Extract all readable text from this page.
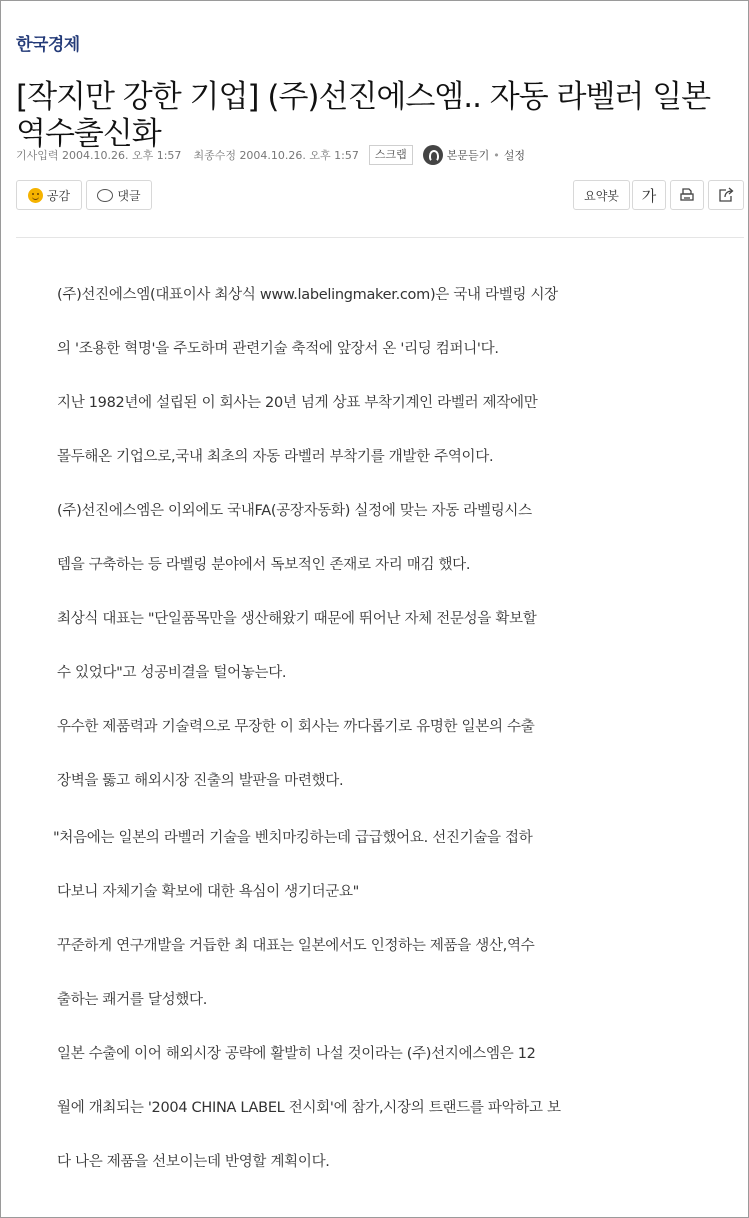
한국경제
[작지만 강한 기업] (주)선진에스엠.. 자동 라벨러 일본 역수출신화
기사입력 2004.10.26. 오후 1:57 최종수정 2004.10.26. 오후 1:57	스크랩	본문듣기 • 설정
공감	댓글	요약봇 가
(주)선진에스엠(대표이사 최상식 www.labelingmaker.com)은 국내 라벨링 시장
의 '조용한 혁명'을 주도하며 관련기술 축적에 앞장서 온 '리딩 컴퍼니'다.
지난 1982년에 설립된 이 회사는 20년 넘게 상표 부착기계인 라벨러 제작에만
몰두해온 기업으로,국내 최초의 자동 라벨러 부착기를 개발한 주역이다.
(주)선진에스엠은 이외에도 국내FA(공장자동화) 실정에 맞는 자동 라벨링시스
템을 구축하는 등 라벨링 분야에서 독보적인 존재로 자리 매김 했다.
최상식 대표는 "단일품목만을 생산해왔기 때문에 뛰어난 자체 전문성을 확보할
수 있었다"고 성공비결을 털어놓는다.
우수한 제품력과 기술력으로 무장한 이 회사는 까다롭기로 유명한 일본의 수출
장벽을 뚫고 해외시장 진출의 발판을 마련했다.
"처음에는 일본의 라벨러 기술을 벤치마킹하는데 급급했어요. 선진기술을 접하
다보니 자체기술 확보에 대한 욕심이 생기더군요"
꾸준하게 연구개발을 거듭한 최 대표는 일본에서도 인정하는 제품을 생산,역수
출하는 쾌거를 달성했다.
일본 수출에 이어 해외시장 공략에 활발히 나설 것이라는 (주)선지에스엠은 12
월에 개최되는 '2004 CHINA LABEL 전시회'에 참가,시장의 트랜드를 파악하고 보
다 나은 제품을 선보이는데 반영할 계획이다.
